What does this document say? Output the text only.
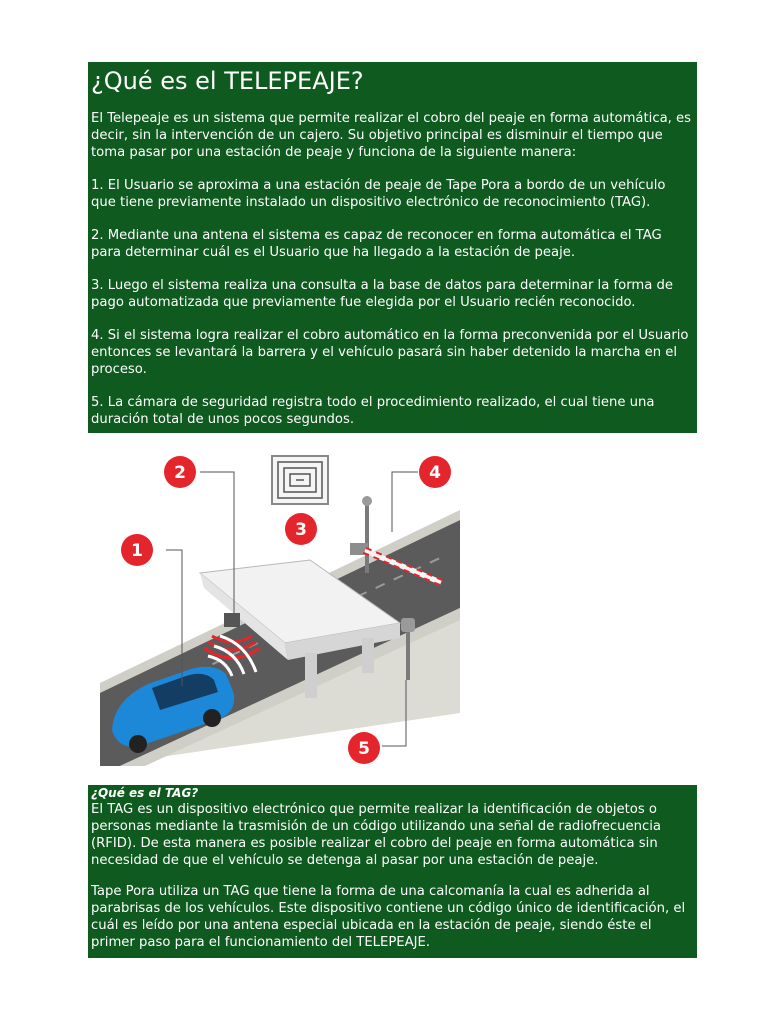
¿Qué es el TELEPEAJE?

El Telepeaje es un sistema que permite realizar el cobro del peaje en forma automática, es decir, sin la intervención de un cajero. Su objetivo principal es disminuir el tiempo que toma pasar por una estación de peaje y funciona de la siguiente manera:

1. El Usuario se aproxima a una estación de peaje de Tape Pora a bordo de un vehículo que tiene previamente instalado un dispositivo electrónico de reconocimiento (TAG).

2. Mediante una antena el sistema es capaz de reconocer en forma automática el TAG para determinar cuál es el Usuario que ha llegado a la estación de peaje.

3. Luego el sistema realiza una consulta a la base de datos para determinar la forma de pago automatizada que previamente fue elegida por el Usuario recién reconocido.

4. Si el sistema logra realizar el cobro automático en la forma preconvenida por el Usuario entonces se levantará la barrera y el vehículo pasará sin haber detenido la marcha en el proceso.

5. La cámara de seguridad registra todo el procedimiento realizado, el cual tiene una duración total de unos pocos segundos.

1
2
3
4
5

¿Qué es el TAG?

El TAG es un dispositivo electrónico que permite realizar la identificación de objetos o personas mediante la trasmisión de un código utilizando una señal de radiofrecuencia (RFID). De esta manera es posible realizar el cobro del peaje en forma automática sin necesidad de que el vehículo se detenga al pasar por una estación de peaje.

Tape Pora utiliza un TAG que tiene la forma de una calcomanía la cual es adherida al parabrisas de los vehículos. Este dispositivo contiene un código único de identificación, el cuál es leído por una antena especial ubicada en la estación de peaje, siendo éste el primer paso para el funcionamiento del TELEPEAJE.
